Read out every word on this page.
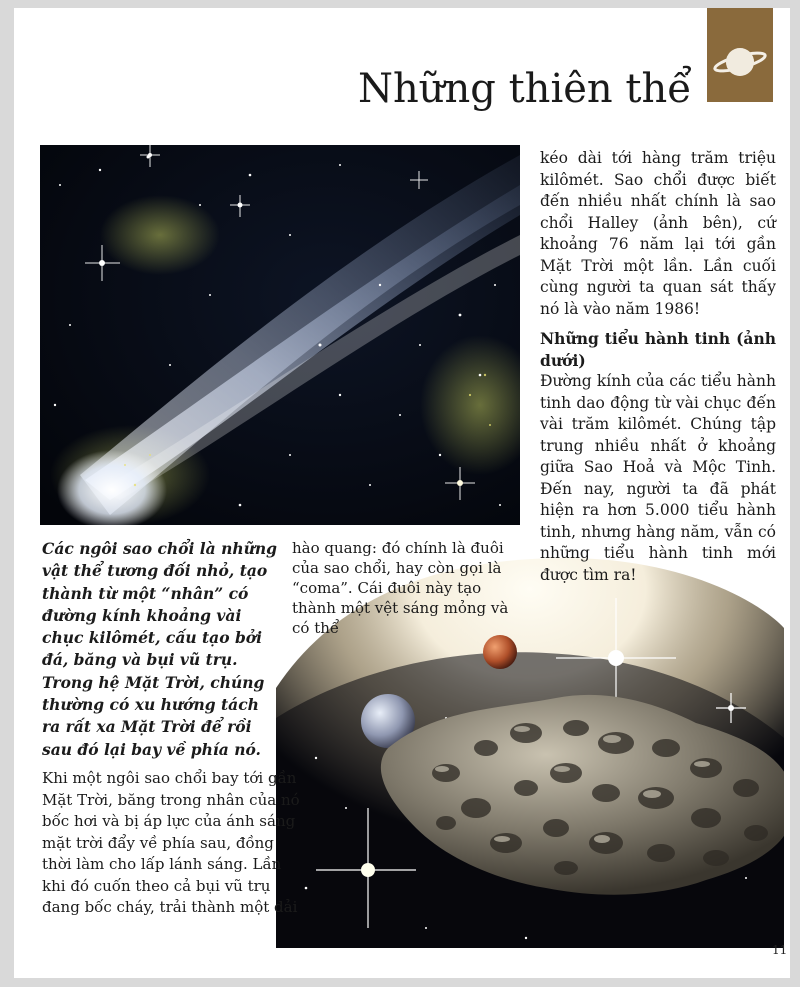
Những thiên thể

kéo dài tới hàng trăm triệu kilômét. Sao chổi được biết đến nhiều nhất chính là sao chổi Halley (ảnh bên), cứ khoảng 76 năm lại tới gần Mặt Trời một lần. Lần cuối cùng người ta quan sát thấy nó là vào năm 1986!

Những tiểu hành tinh (ảnh dưới)

Đường kính của các tiểu hành tinh dao động từ vài chục đến vài trăm kilômét. Chúng tập trung nhiều nhất ở khoảng giữa Sao Hoả và Mộc Tinh. Đến nay, người ta đã phát hiện ra hơn 5.000 tiểu hành tinh, nhưng hàng năm, vẫn có những tiểu hành tinh mới được tìm ra!

Các ngôi sao chổi là những vật thể tương đối nhỏ, tạo thành từ một “nhân” có đường kính khoảng vài chục kilômét, cấu tạo bởi đá, băng và bụi vũ trụ. Trong hệ Mặt Trời, chúng thường có xu hướng tách ra rất xa Mặt Trời để rồi sau đó lại bay về phía nó.
Khi một ngôi sao chổi bay tới gần Mặt Trời, băng trong nhân của nó bốc hơi và bị áp lực của ánh sáng mặt trời đẩy về phía sau, đồng thời làm cho lấp lánh sáng. Lần khi đó cuốn theo cả bụi vũ trụ đang bốc cháy, trải thành một dải
hào quang: đó chính là đuôi của sao chổi, hay còn gọi là “coma”. Cái đuôi này tạo thành một vệt sáng mỏng và có thể
11
